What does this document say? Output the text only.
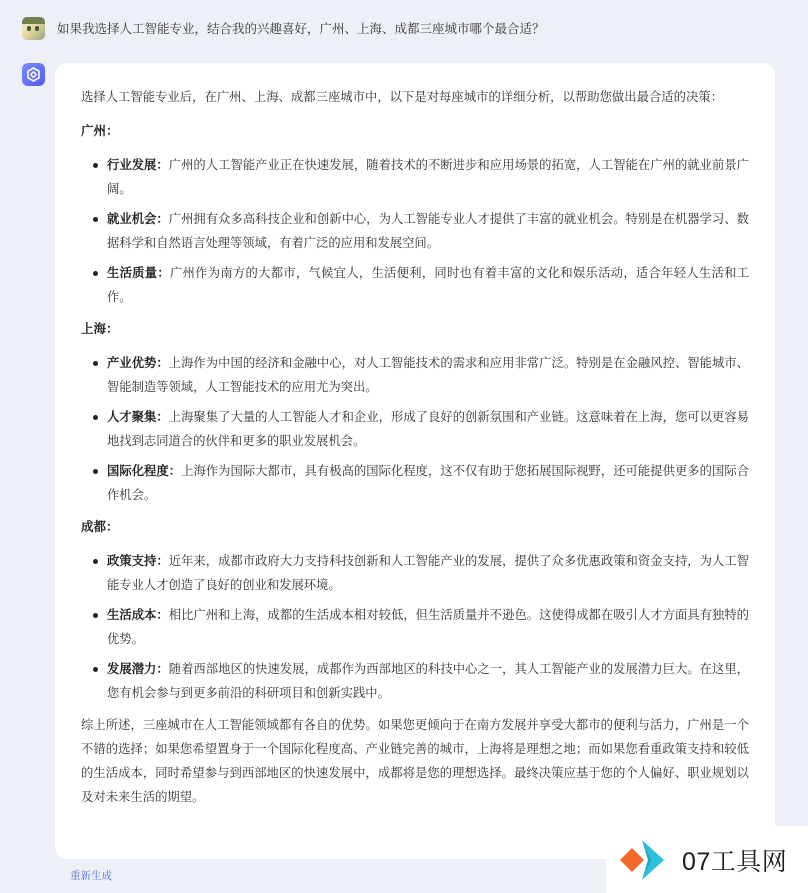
如果我选择人工智能专业，结合我的兴趣喜好，广州、上海、成都三座城市哪个最合适？
选择人工智能专业后，在广州、上海、成都三座城市中，以下是对每座城市的详细分析，以帮助您做出最合适的决策：
广州：
行业发展：广州的人工智能产业正在快速发展，随着技术的不断进步和应用场景的拓宽，人工智能在广州的就业前景广阔。
就业机会：广州拥有众多高科技企业和创新中心，为人工智能专业人才提供了丰富的就业机会。特别是在机器学习、数据科学和自然语言处理等领域，有着广泛的应用和发展空间。
生活质量：广州作为南方的大都市，气候宜人，生活便利，同时也有着丰富的文化和娱乐活动，适合年轻人生活和工作。
上海：
产业优势：上海作为中国的经济和金融中心，对人工智能技术的需求和应用非常广泛。特别是在金融风控、智能城市、智能制造等领域，人工智能技术的应用尤为突出。
人才聚集：上海聚集了大量的人工智能人才和企业，形成了良好的创新氛围和产业链。这意味着在上海，您可以更容易地找到志同道合的伙伴和更多的职业发展机会。
国际化程度：上海作为国际大都市，具有极高的国际化程度，这不仅有助于您拓展国际视野，还可能提供更多的国际合作机会。
成都：
政策支持：近年来，成都市政府大力支持科技创新和人工智能产业的发展，提供了众多优惠政策和资金支持，为人工智能专业人才创造了良好的创业和发展环境。
生活成本：相比广州和上海，成都的生活成本相对较低，但生活质量并不逊色。这使得成都在吸引人才方面具有独特的优势。
发展潜力：随着西部地区的快速发展，成都作为西部地区的科技中心之一，其人工智能产业的发展潜力巨大。在这里，您有机会参与到更多前沿的科研项目和创新实践中。
综上所述，三座城市在人工智能领域都有各自的优势。如果您更倾向于在南方发展并享受大都市的便利与活力，广州是一个不错的选择；如果您希望置身于一个国际化程度高、产业链完善的城市，上海将是理想之地；而如果您看重政策支持和较低的生活成本，同时希望参与到西部地区的快速发展中，成都将是您的理想选择。最终决策应基于您的个人偏好、职业规划以及对未来生活的期望。
重新生成
07工具网
